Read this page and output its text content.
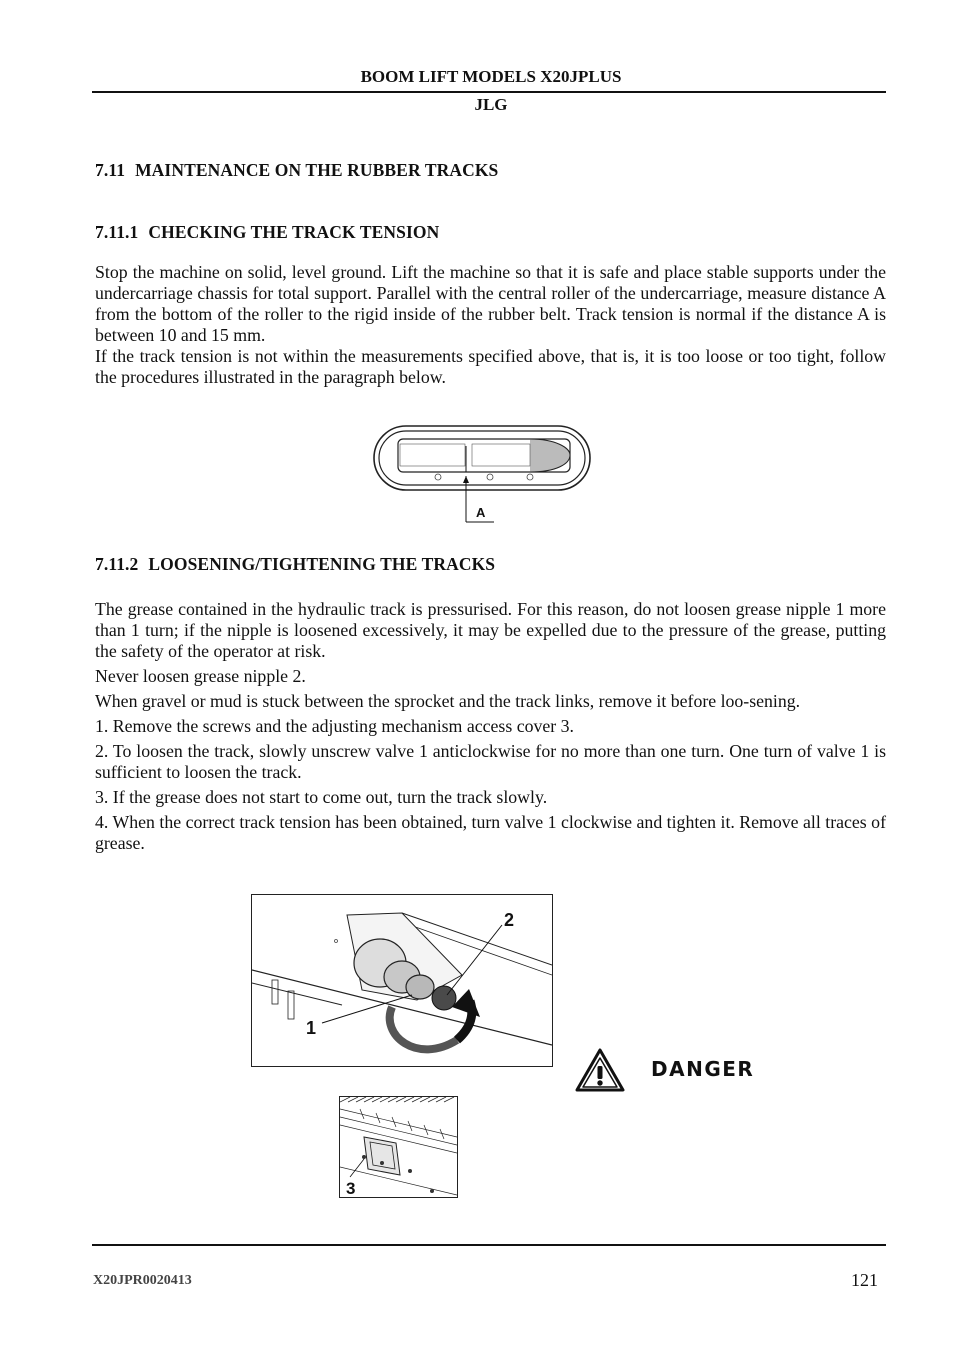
BOOM LIFT MODELS X20JPLUS
JLG
7.11 MAINTENANCE ON THE RUBBER TRACKS
7.11.1 CHECKING THE TRACK TENSION

Stop the machine on solid, level ground. Lift the machine so that it is safe and place stable supports under the undercarriage chassis for total support. Parallel with the central roller of the undercarriage, measure distance A from the bottom of the roller to the rigid inside of the rubber belt. Track tension is normal if the distance A is between 10 and 15 mm.

If the track tension is not within the measurements specified above, that is, it is too loose or too tight, follow the procedures illustrated in the paragraph below.

A
7.11.2 LOOSENING/TIGHTENING THE TRACKS

The grease contained in the hydraulic track is pressurised. For this reason, do not loosen grease nipple 1 more than 1 turn; if the nipple is loosened excessively, it may be expelled due to the pressure of the grease, putting the safety of the operator at risk.

Never loosen grease nipple 2.

When gravel or mud is stuck between the sprocket and the track links, remove it before loo-sening.

1. Remove the screws and the adjusting mechanism access cover 3.

2. To loosen the track, slowly unscrew valve 1 anticlockwise for no more than one turn. One turn of valve 1 is sufficient to loosen the track.

3. If the grease does not start to come out, turn the track slowly.

4. When the correct track tension has been obtained, turn valve 1 clockwise and tighten it. Remove all traces of grease.

2
1
DANGER
3
X20JPR0020413	121
